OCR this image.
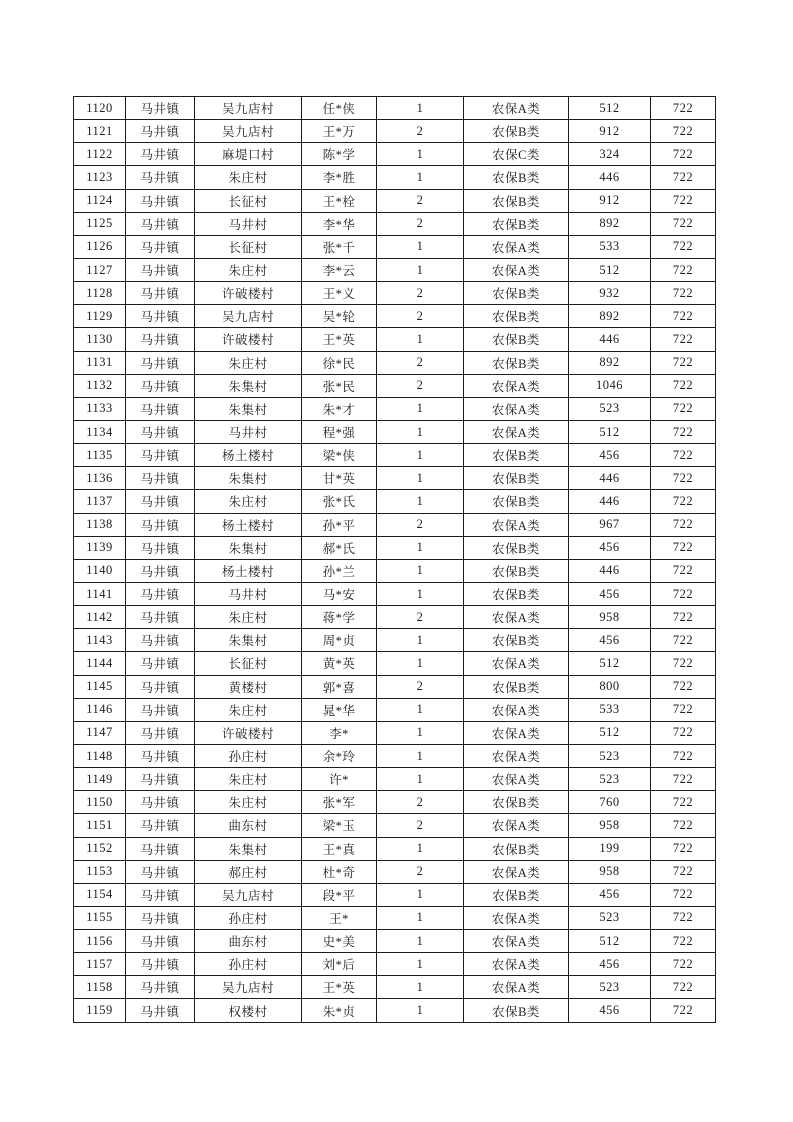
1120	马井镇	吴九店村	任*侠	1	农保A类	512	722
1121	马井镇	吴九店村	王*万	2	农保B类	912	722
1122	马井镇	麻堤口村	陈*学	1	农保C类	324	722
1123	马井镇	朱庄村	李*胜	1	农保B类	446	722
1124	马井镇	长征村	王*栓	2	农保B类	912	722
1125	马井镇	马井村	李*华	2	农保B类	892	722
1126	马井镇	长征村	张*千	1	农保A类	533	722
1127	马井镇	朱庄村	李*云	1	农保A类	512	722
1128	马井镇	许破楼村	王*义	2	农保B类	932	722
1129	马井镇	吴九店村	吴*轮	2	农保B类	892	722
1130	马井镇	许破楼村	王*英	1	农保B类	446	722
1131	马井镇	朱庄村	徐*民	2	农保B类	892	722
1132	马井镇	朱集村	张*民	2	农保A类	1046	722
1133	马井镇	朱集村	朱*才	1	农保A类	523	722
1134	马井镇	马井村	程*强	1	农保A类	512	722
1135	马井镇	杨土楼村	梁*侠	1	农保B类	456	722
1136	马井镇	朱集村	甘*英	1	农保B类	446	722
1137	马井镇	朱庄村	张*氏	1	农保B类	446	722
1138	马井镇	杨土楼村	孙*平	2	农保A类	967	722
1139	马井镇	朱集村	郝*氏	1	农保B类	456	722
1140	马井镇	杨土楼村	孙*兰	1	农保B类	446	722
1141	马井镇	马井村	马*安	1	农保B类	456	722
1142	马井镇	朱庄村	蒋*学	2	农保A类	958	722
1143	马井镇	朱集村	周*贞	1	农保B类	456	722
1144	马井镇	长征村	黄*英	1	农保A类	512	722
1145	马井镇	黄楼村	郭*喜	2	农保B类	800	722
1146	马井镇	朱庄村	晁*华	1	农保A类	533	722
1147	马井镇	许破楼村	李*	1	农保A类	512	722
1148	马井镇	孙庄村	余*玲	1	农保A类	523	722
1149	马井镇	朱庄村	许*	1	农保A类	523	722
1150	马井镇	朱庄村	张*军	2	农保B类	760	722
1151	马井镇	曲东村	梁*玉	2	农保A类	958	722
1152	马井镇	朱集村	王*真	1	农保B类	199	722
1153	马井镇	郝庄村	杜*奇	2	农保A类	958	722
1154	马井镇	吴九店村	段*平	1	农保B类	456	722
1155	马井镇	孙庄村	王*	1	农保A类	523	722
1156	马井镇	曲东村	史*美	1	农保A类	512	722
1157	马井镇	孙庄村	刘*后	1	农保A类	456	722
1158	马井镇	吴九店村	王*英	1	农保A类	523	722
1159	马井镇	权楼村	朱*贞	1	农保B类	456	722
